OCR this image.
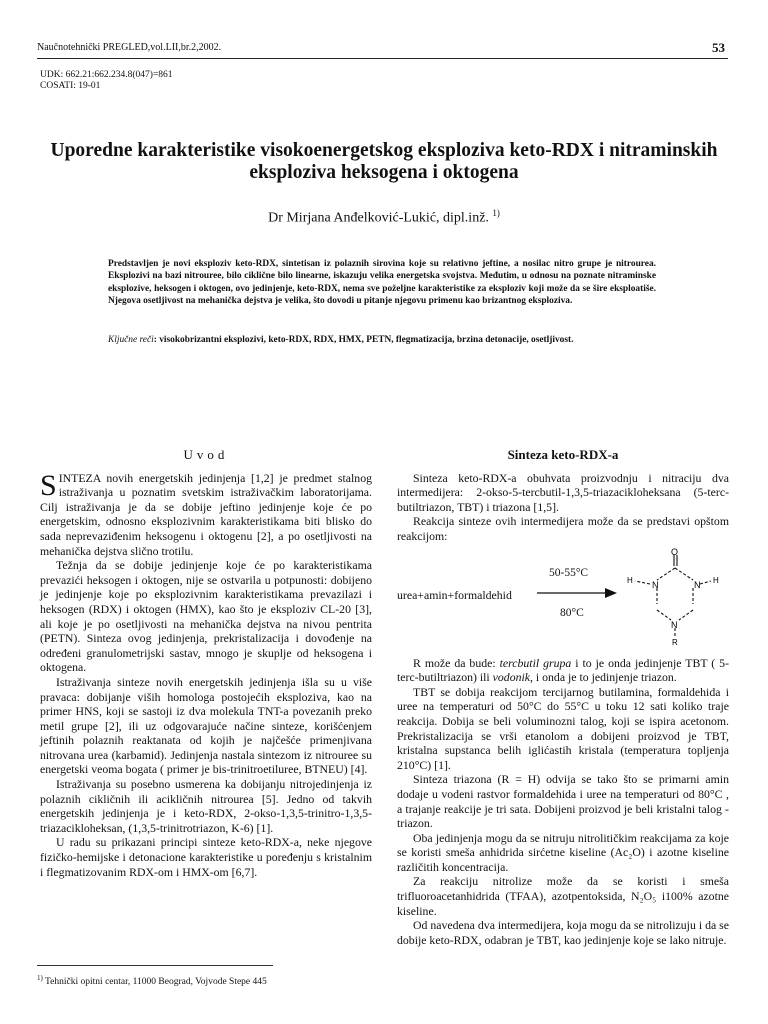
Naučnotehnički PREGLED,vol.LII,br.2,2002.	53
UDK: 662.21:662.234.8(047)=861
COSATI: 19-01
Uporedne karakteristike visokoenergetskog eksploziva keto-RDX i nitraminskih eksploziva heksogena i oktogena
Dr Mirjana Anđelković-Lukić, dipl.inž. $^{1)}$
Predstavljen je novi eksploziv keto-RDX, sintetisan iz polaznih sirovina koje su relativno jeftine, a nosilac nitro grupe je nitrourea. Eksplozivi na bazi nitrouree, bilo ciklične bilo linearne, iskazuju velika energetska svojstva. Međutim, u odnosu na poznate nitraminske eksplozive, heksogen i oktogen, ovo jedinjenje, keto-RDX, nema sve poželjne karakteristike za eksploziv koji može da se šire eksploatiše. Njegova osetljivost na mehanička dejstva je velika, što dovodi u pitanje njegovu primenu kao brizantnog eksploziva.
Ključne reči: visokobrizantni eksplozivi, keto-RDX, RDX, HMX, PETN, flegmatizacija, brzina detonacije, osetljivost.
Uvod

SINTEZA novih energetskih jedinjenja [1,2] je predmet stalnog istraživanja u poznatim svetskim istraživačkim laboratorijama. Cilj istraživanja je da se dobije jeftino jedinjenje koje će po energetskim, odnosno eksplozivnim karakteristikama biti blisko do sada neprevaziđenim heksogenu i oktogenu [2], a po osetljivosti na mehanička dejstva slično trotilu.

Težnja da se dobije jedinjenje koje će po karakteristikama prevazići heksogen i oktogen, nije se ostvarila u potpunosti: dobijeno je jedinjenje koje po eksplozivnim karakteristikama prevazilazi i heksogen (RDX) i oktogen (HMX), kao što je eksploziv CL-20 [3], ali koje je po osetljivosti na mehanička dejstva na nivou pentrita (PETN). Sinteza ovog jedinjenja, prekristalizacija i dovođenje na određeni granulometrijski sastav, mnogo je skuplje od heksogena i oktogena.

Istraživanja sinteze novih energetskih jedinjenja išla su u više pravaca: dobijanje viših homologa postojećih eksploziva, kao na primer HNS, koji se sastoji iz dva molekula TNT-a povezanih preko metil grupe [2], ili uz odgovarajuće načine sinteze, korišćenjem jeftinih polaznih reaktanata od kojih je najčešće primenjivana nitrovana urea (karbamid). Jedinjenja nastala sintezom iz nitrouree su energetski veoma bogata ( primer je bis-trinitroetiluree, BTNEU) [4].

Istraživanja su posebno usmerena ka dobijanju nitrojedinjenja iz polaznih cikličnih ili acikličnih nitrourea [5]. Jedno od takvih energetskih jedinjenja je i keto-RDX, 2-okso-1,3,5-trinitro-1,3,5-triazacikloheksan, (1,3,5-trinitrotriazon, K-6) [1].

U radu su prikazani principi sinteze keto-RDX-a, neke njegove fizičko-hemijske i detonacione karakteristike u poređenju s kristalnim i flegmatizovanim RDX-om i HMX-om [6,7].

Sinteza keto-RDX-a

Sinteza keto-RDX-a obuhvata proizvodnju i nitraciju dva intermedijera: 2-okso-5-tercbutil-1,3,5-triazacikloheksana (5-terc-butiltriazon, TBT) i triazona [1,5].

Reakcija sinteze ovih intermedijera može da se predstavi opštom reakcijom:

urea+amin+formaldehid
50-55°C
80°C
O
N	N
N
H	H
R

R može da bude: tercbutil grupa i to je onda jedinjenje TBT ( 5-terc-butiltriazon) ili vodonik, i onda je to jedinjenje triazon.

TBT se dobija reakcijom tercijarnog butilamina, formaldehida i uree na temperaturi od 50°C do 55°C u toku 12 sati koliko traje reakcija. Dobija se beli voluminozni talog, koji se ispira acetonom. Prekristalizacija se vrši etanolom a dobijeni proizvod je TBT, kristalna supstanca belih iglićastih kristala (temperatura topljenja 210°C) [1].

Sinteza triazona (R = H) odvija se tako što se primarni amin dodaje u vodeni rastvor formaldehida i uree na temperaturi od 80°C , a trajanje reakcije je tri sata. Dobijeni proizvod je beli kristalni talog - triazon.

Oba jedinjenja mogu da se nitruju nitrolitičkim reakcijama za koje se koristi smeša anhidrida sirćetne kiseline (Ac₂O) i azotne kiseline različitih koncentracija.

Za reakciju nitrolize može da se koristi i smeša trifluoroacetanhidrida (TFAA), azotpentoksida, N₂O₅ i100% azotne kiseline.

Od navedena dva intermedijera, koja mogu da se nitrolizuju i da se dobije keto-RDX, odabran je TBT, kao jedinjenje koje se lako nitruje.

$^{1)}$ Tehnički opitni centar, 11000 Beograd, Vojvode Stepe 445
